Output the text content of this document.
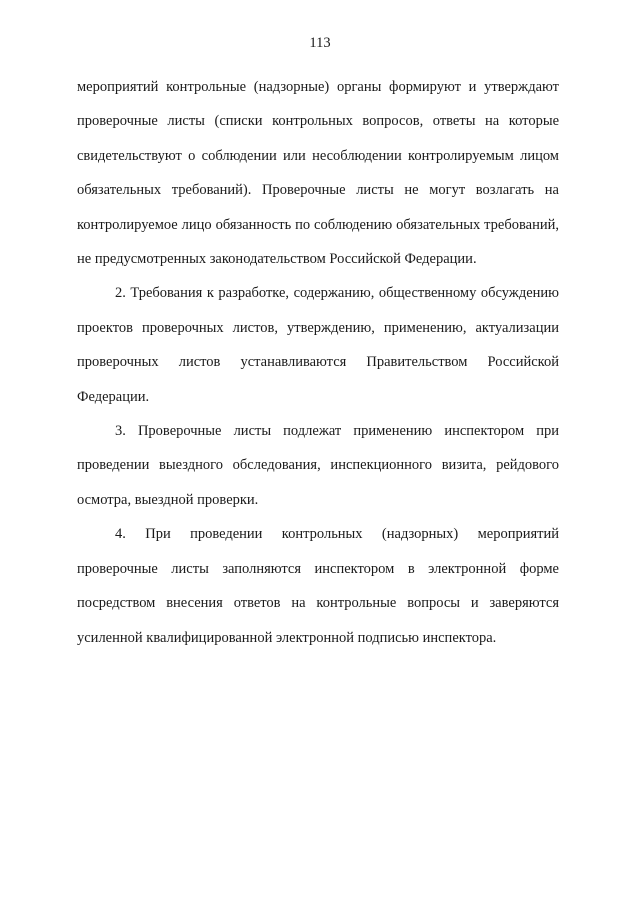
113

мероприятий контрольные (надзорные) органы формируют и утверждают проверочные листы (списки контрольных вопросов, ответы на которые свидетельствуют о соблюдении или несоблюдении контролируемым лицом обязательных требований). Проверочные листы не могут возлагать на контролируемое лицо обязанность по соблюдению обязательных требований, не предусмотренных законодательством Российской Федерации.

2. Требования к разработке, содержанию, общественному обсуждению проектов проверочных листов, утверждению, применению, актуализации проверочных листов устанавливаются Правительством Российской Федерации.

3. Проверочные листы подлежат применению инспектором при проведении выездного обследования, инспекционного визита, рейдового осмотра, выездной проверки.

4. При проведении контрольных (надзорных) мероприятий проверочные листы заполняются инспектором в электронной форме посредством внесения ответов на контрольные вопросы и заверяются усиленной квалифицированной электронной подписью инспектора.
